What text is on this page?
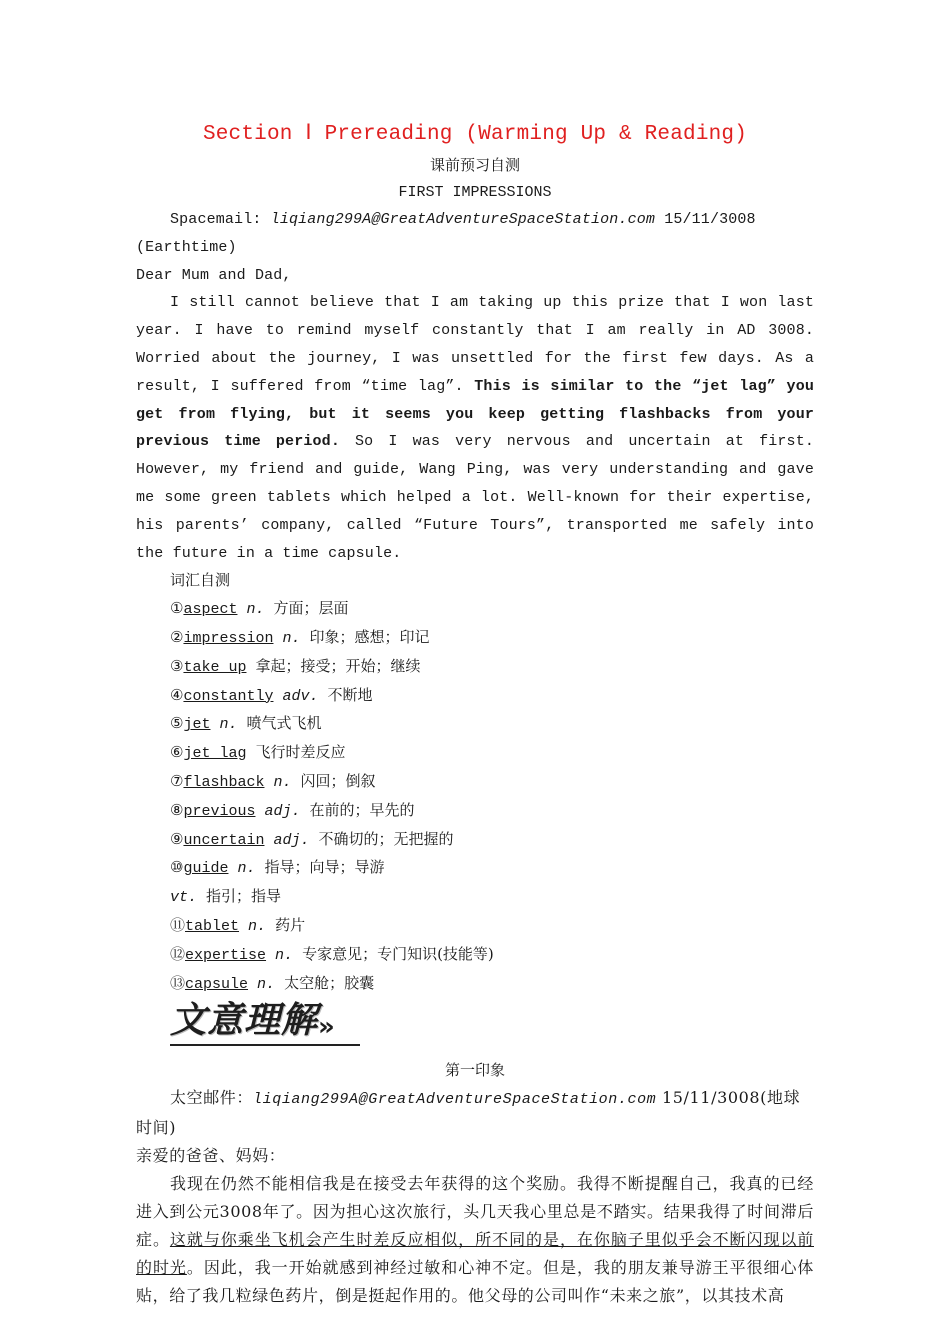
Section Ⅰ Prereading (Warming Up & Reading)
课前预习自测
FIRST IMPRESSIONS
Spacemail: liqiang299A@GreatAdventureSpaceStation.com 15/11/3008 (Earthtime)
Dear Mum and Dad,
I still cannot believe that I am taking up this prize that I won last year. I have to remind myself constantly that I am really in AD 3008. Worried about the journey, I was unsettled for the first few days. As a result, I suffered from “time lag”. This is similar to the “jet lag” you get from flying, but it seems you keep getting flashbacks from your previous time period. So I was very nervous and uncertain at first. However, my friend and guide, Wang Ping, was very understanding and gave me some green tablets which helped a lot. Well-known for their expertise, his parents’ company, called “Future Tours”, transported me safely into the future in a time capsule.
词汇自测
①aspect n. 方面；层面
②impression n. 印象；感想；印记
③take up 拿起；接受；开始；继续
④constantly adv. 不断地
⑤jet n. 喷气式飞机
⑥jet lag 飞行时差反应
⑦flashback n. 闪回；倒叙
⑧previous adj. 在前的；早先的
⑨uncertain adj. 不确切的；无把握的
⑩guide n. 指导；向导；导游
vt. 指引；指导
⑪tablet n. 药片
⑫expertise n. 专家意见；专门知识(技能等)
⑬capsule n. 太空舱；胶囊
文意理解»
第一印象
太空邮件：liqiang299A@GreatAdventureSpaceStation.com 15/11/3008(地球时间)
亲爱的爸爸、妈妈：
我现在仍然不能相信我是在接受去年获得的这个奖励。我得不断提醒自己，我真的已经进入到公元3008年了。因为担心这次旅行，头几天我心里总是不踏实。结果我得了时间滞后症。这就与你乘坐飞机会产生时差反应相似，所不同的是，在你脑子里似乎会不断闪现以前的时光。因此，我一开始就感到神经过敏和心神不定。但是，我的朋友兼导游王平很细心体贴，给了我几粒绿色药片，倒是挺起作用的。他父母的公司叫作“未来之旅”，以其技术高
